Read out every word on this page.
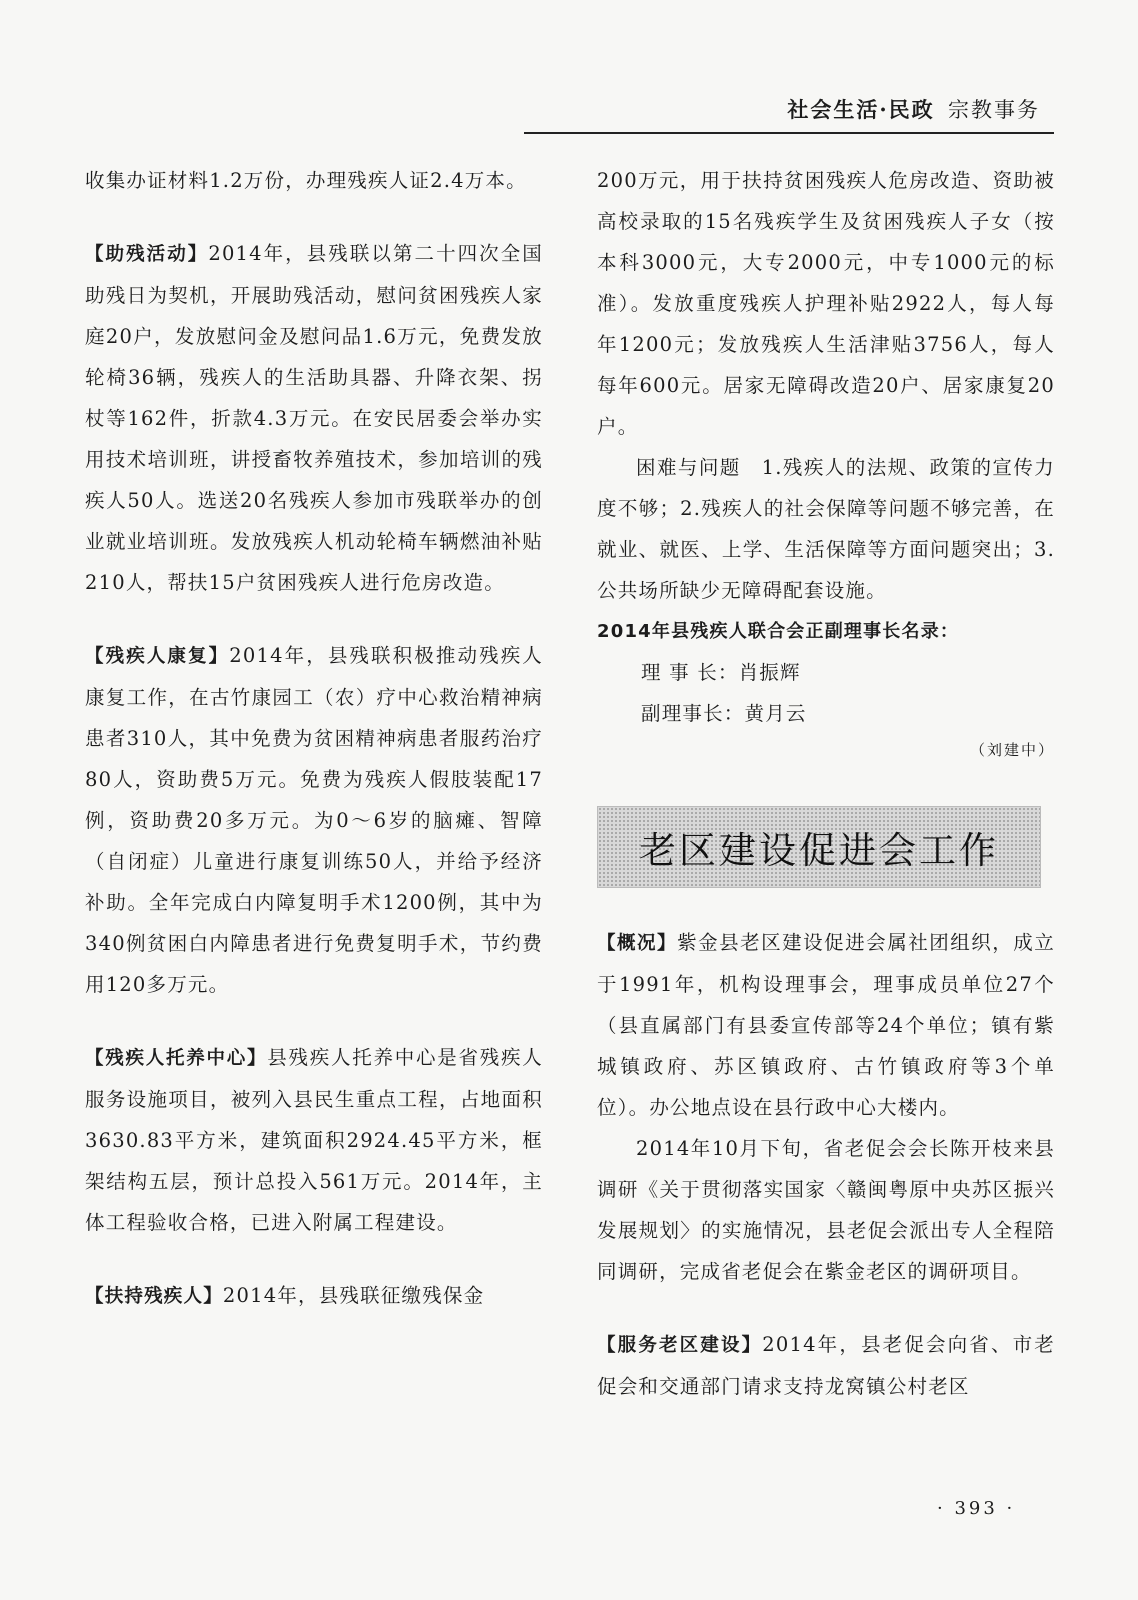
社会生活·民政 宗教事务

收集办证材料1.2万份，办理残疾人证2.4万本。

【助残活动】2014年，县残联以第二十四次全国助残日为契机，开展助残活动，慰问贫困残疾人家庭20户，发放慰问金及慰问品1.6万元，免费发放轮椅36辆，残疾人的生活助具器、升降衣架、拐杖等162件，折款4.3万元。在安民居委会举办实用技术培训班，讲授畜牧养殖技术，参加培训的残疾人50人。选送20名残疾人参加市残联举办的创业就业培训班。发放残疾人机动轮椅车辆燃油补贴210人，帮扶15户贫困残疾人进行危房改造。

【残疾人康复】2014年，县残联积极推动残疾人康复工作，在古竹康园工（农）疗中心救治精神病患者310人，其中免费为贫困精神病患者服药治疗80人，资助费5万元。免费为残疾人假肢装配17例，资助费20多万元。为0～6岁的脑瘫、智障（自闭症）儿童进行康复训练50人，并给予经济补助。全年完成白内障复明手术1200例，其中为340例贫困白内障患者进行免费复明手术，节约费用120多万元。

【残疾人托养中心】县残疾人托养中心是省残疾人服务设施项目，被列入县民生重点工程，占地面积3630.83平方米，建筑面积2924.45平方米，框架结构五层，预计总投入561万元。2014年，主体工程验收合格，已进入附属工程建设。

【扶持残疾人】2014年，县残联征缴残保金

200万元，用于扶持贫困残疾人危房改造、资助被高校录取的15名残疾学生及贫困残疾人子女（按本科3000元，大专2000元，中专1000元的标准）。发放重度残疾人护理补贴2922人，每人每年1200元；发放残疾人生活津贴3756人，每人每年600元。居家无障碍改造20户、居家康复20户。

困难与问题　1.残疾人的法规、政策的宣传力度不够；2.残疾人的社会保障等问题不够完善，在就业、就医、上学、生活保障等方面问题突出；3.公共场所缺少无障碍配套设施。

2014年县残疾人联合会正副理事长名录：

理 事 长：肖振辉

副理事长：黄月云

（刘建中）

老区建设促进会工作

【概况】紫金县老区建设促进会属社团组织，成立于1991年，机构设理事会，理事成员单位27个（县直属部门有县委宣传部等24个单位；镇有紫城镇政府、苏区镇政府、古竹镇政府等3个单位）。办公地点设在县行政中心大楼内。

2014年10月下旬，省老促会会长陈开枝来县调研《关于贯彻落实国家〈赣闽粤原中央苏区振兴发展规划〉的实施情况，县老促会派出专人全程陪同调研，完成省老促会在紫金老区的调研项目。

【服务老区建设】2014年，县老促会向省、市老促会和交通部门请求支持龙窝镇公村老区

· 393 ·
